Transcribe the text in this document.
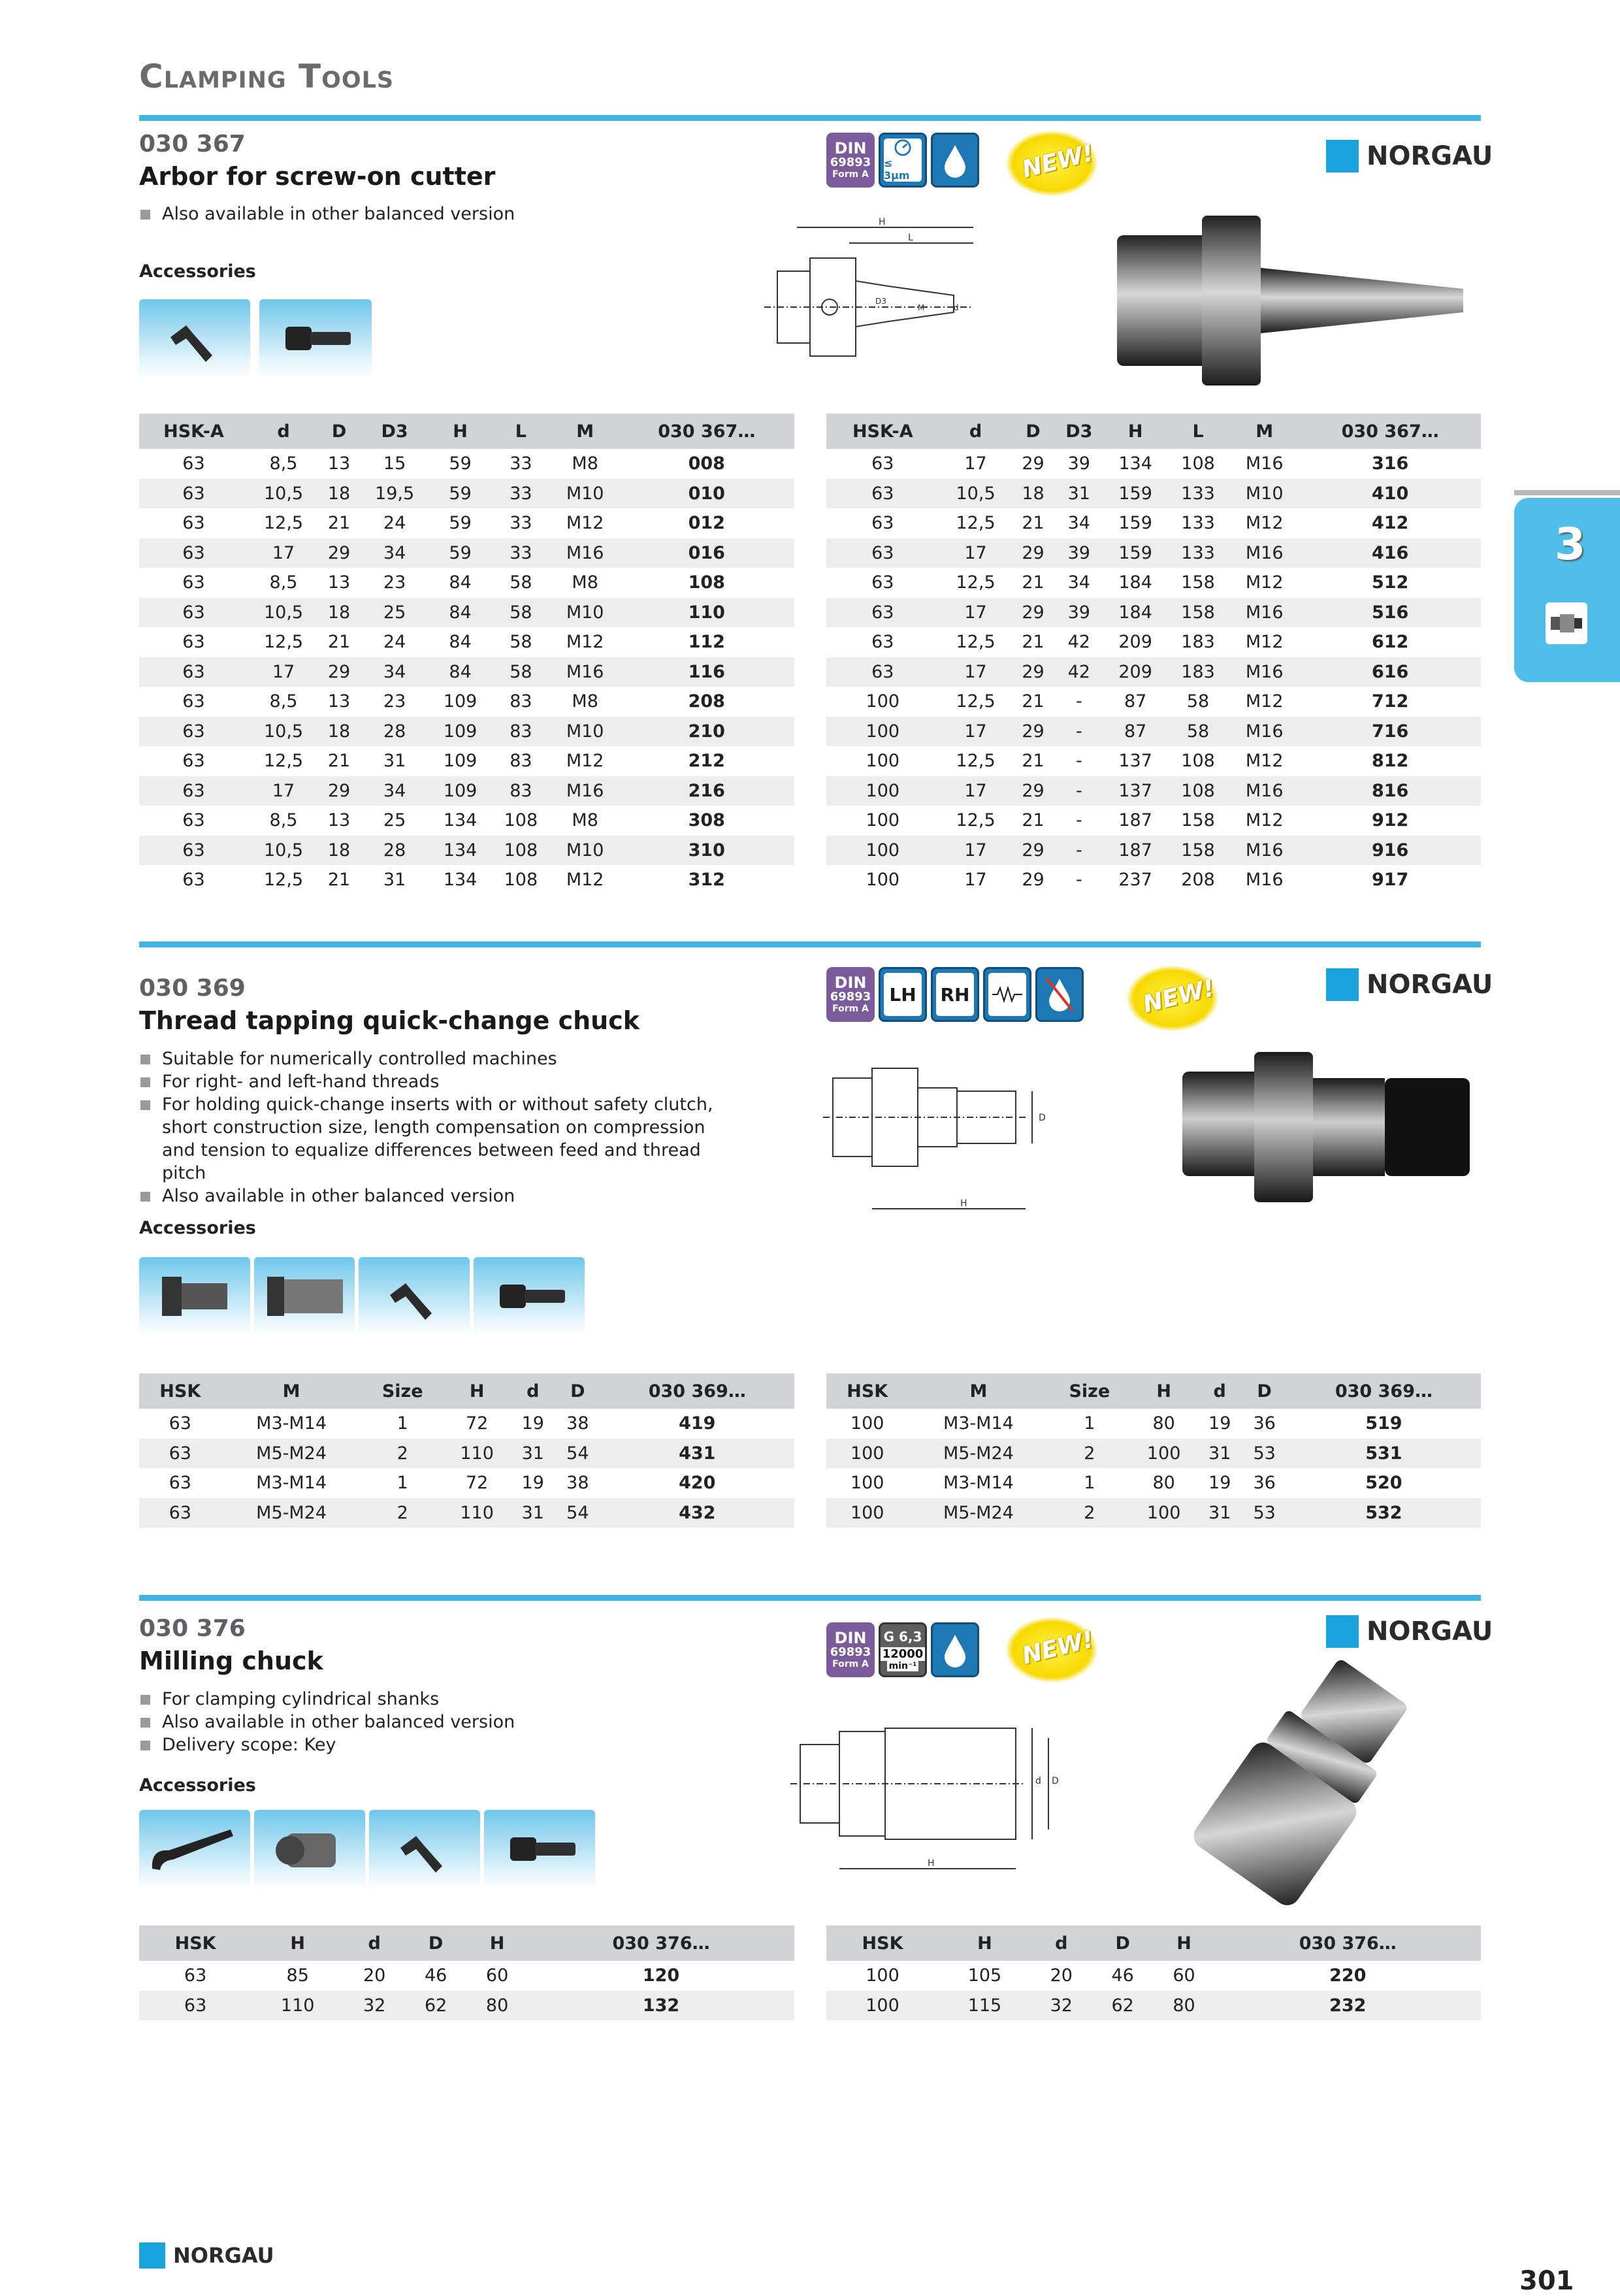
Clamping Tools
3
030 367
Arbor for screw-on cutter
Also available in other balanced version
Accessories
DIN
69893
Form A
≤ 3µm	NEW!	NORGAU
H
L
D3
M	d
HSK-A	d	D	D3	H	L	M	030 367…
63	8,5	13	15	59	33	M8	008
63	10,5	18	19,5	59	33	M10	010
63	12,5	21	24	59	33	M12	012
63	17	29	34	59	33	M16	016
63	8,5	13	23	84	58	M8	108
63	10,5	18	25	84	58	M10	110
63	12,5	21	24	84	58	M12	112
63	17	29	34	84	58	M16	116
63	8,5	13	23	109	83	M8	208
63	10,5	18	28	109	83	M10	210
63	12,5	21	31	109	83	M12	212
63	17	29	34	109	83	M16	216
63	8,5	13	25	134	108	M8	308
63	10,5	18	28	134	108	M10	310
63	12,5	21	31	134	108	M12	312
HSK-A	d	D	D3	H	L	M	030 367…
63	17	29	39	134	108	M16	316
63	10,5	18	31	159	133	M10	410
63	12,5	21	34	159	133	M12	412
63	17	29	39	159	133	M16	416
63	12,5	21	34	184	158	M12	512
63	17	29	39	184	158	M16	516
63	12,5	21	42	209	183	M12	612
63	17	29	42	209	183	M16	616
100	12,5	21	-	87	58	M12	712
100	17	29	-	87	58	M16	716
100	12,5	21	-	137	108	M12	812
100	17	29	-	137	108	M16	816
100	12,5	21	-	187	158	M12	912
100	17	29	-	187	158	M16	916
100	17	29	-	237	208	M16	917
030 369
Thread tapping quick-change chuck
Suitable for numerically controlled machines
For right- and left-hand threads
For holding quick-change inserts with or without safety clutch, short construction size, length compensation on compression and tension to equalize differences between feed and thread pitch
Also available in other balanced version
Accessories
DIN
69893
Form A
LH RH	NEW!	NORGAU
D
H
HSK	M	Size	H	d	D	030 369…
63	M3-M14	1	72	19	38	419
63	M5-M24	2	110	31	54	431
63	M3-M14	1	72	19	38	420
63	M5-M24	2	110	31	54	432
HSK	M	Size	H	d	D	030 369…
100	M3-M14	1	80	19	36	519
100	M5-M24	2	100	31	53	531
100	M3-M14	1	80	19	36	520
100	M5-M24	2	100	31	53	532
030 376
Milling chuck
For clamping cylindrical shanks
Also available in other balanced version
Delivery scope: Key
Accessories
DIN
69893
Form A
G 6,3
12000
min⁻¹	NEW!	NORGAU
d D
H
HSK	H	d	D	H	030 376…
63	85	20	46	60	120
63	110	32	62	80	132
HSK	H	d	D	H	030 376…
100	105	20	46	60	220
100	115	32	62	80	232
NORGAU
301
